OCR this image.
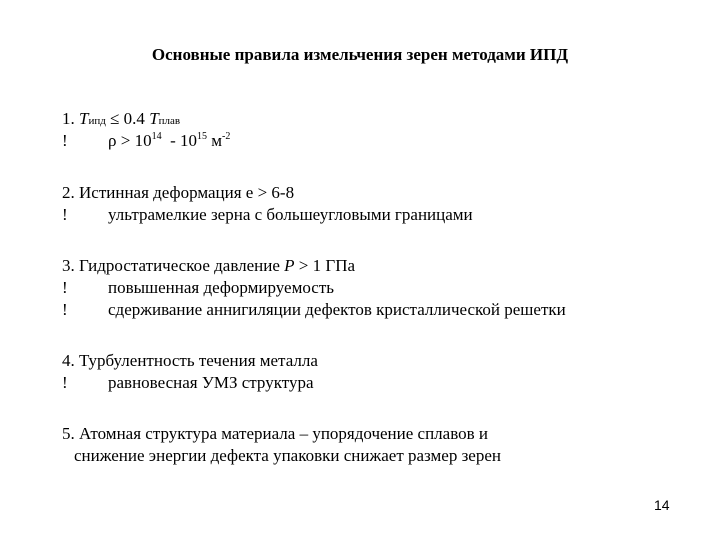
Основные правила измельчения зерен методами ИПД
1. Tипд ≤ 0.4 Tплав
! $\rho > 10^{14} - 10^{15}$ $м^{-2}$
2. Истинная деформация е > 6-8
! ультрамелкие зерна с большеугловыми границами
3. Гидростатическое давление P > 1 ГПа
! повышенная деформируемость
! сдерживание аннигиляции дефектов кристаллической решетки
4. Турбулентность течения металла
! равновесная УМЗ структура
5. Атомная структура материала – упорядочение сплавов и
снижение энергии дефекта упаковки снижает размер зерен
14
